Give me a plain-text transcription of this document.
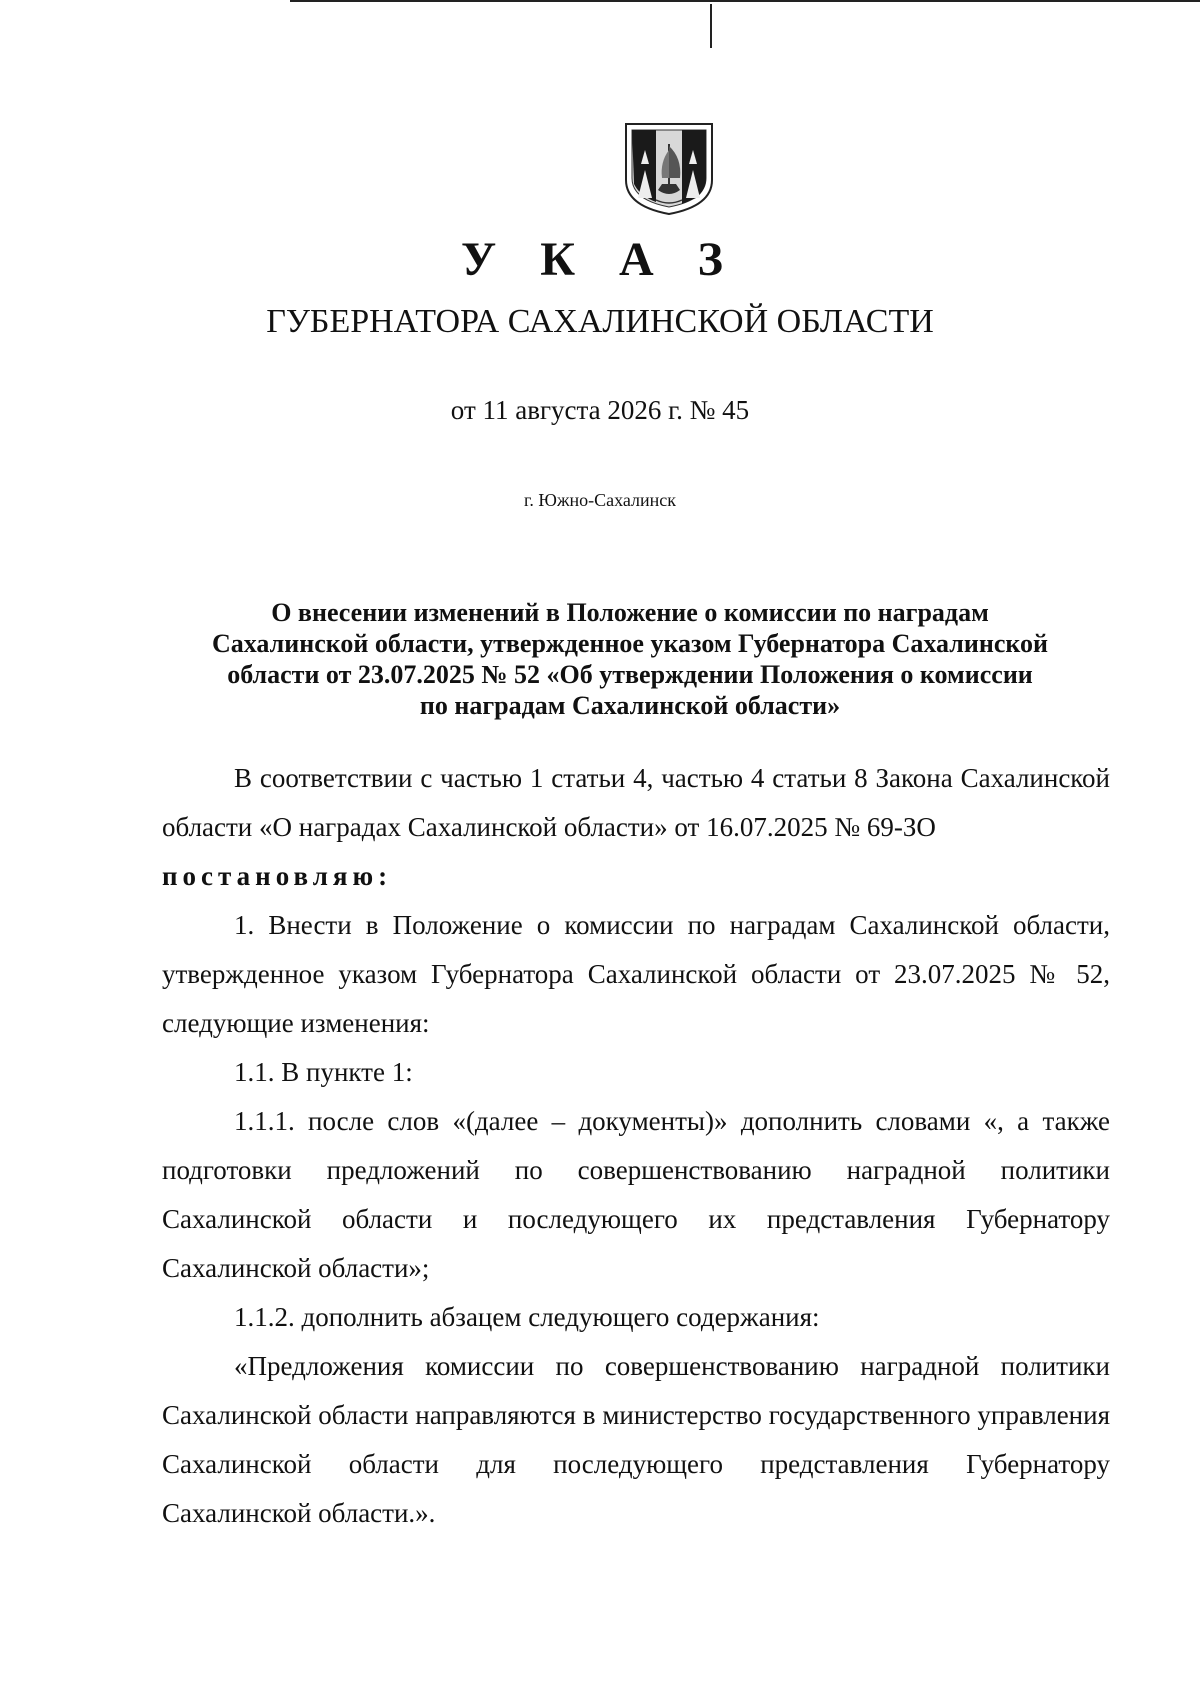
У К А З
ГУБЕРНАТОРА САХАЛИНСКОЙ ОБЛАСТИ
от 11 августа 2026 г. № 45
г. Южно-Сахалинск
О внесении изменений в Положение о комиссии по наградам
Сахалинской области, утвержденное указом Губернатора Сахалинской
области от 23.07.2025 № 52 «Об утверждении Положения о комиссии
по наградам Сахалинской области»

В соответствии с частью 1 статьи 4, частью 4 статьи 8 Закона Сахалинской области «О наградах Сахалинской области» от 16.07.2025 № 69-ЗО

постановляю:

1. Внести в Положение о комиссии по наградам Сахалинской области, утвержденное указом Губернатора Сахалинской области от 23.07.2025 № 52, следующие изменения:

1.1. В пункте 1:

1.1.1. после слов «(далее – документы)» дополнить словами «, а также подготовки предложений по совершенствованию наградной политики Сахалинской области и последующего их представления Губернатору Сахалинской области»;

1.1.2. дополнить абзацем следующего содержания:

«Предложения комиссии по совершенствованию наградной политики Сахалинской области направляются в министерство государственного управления Сахалинской области для последующего представления Губернатору Сахалинской области.».
